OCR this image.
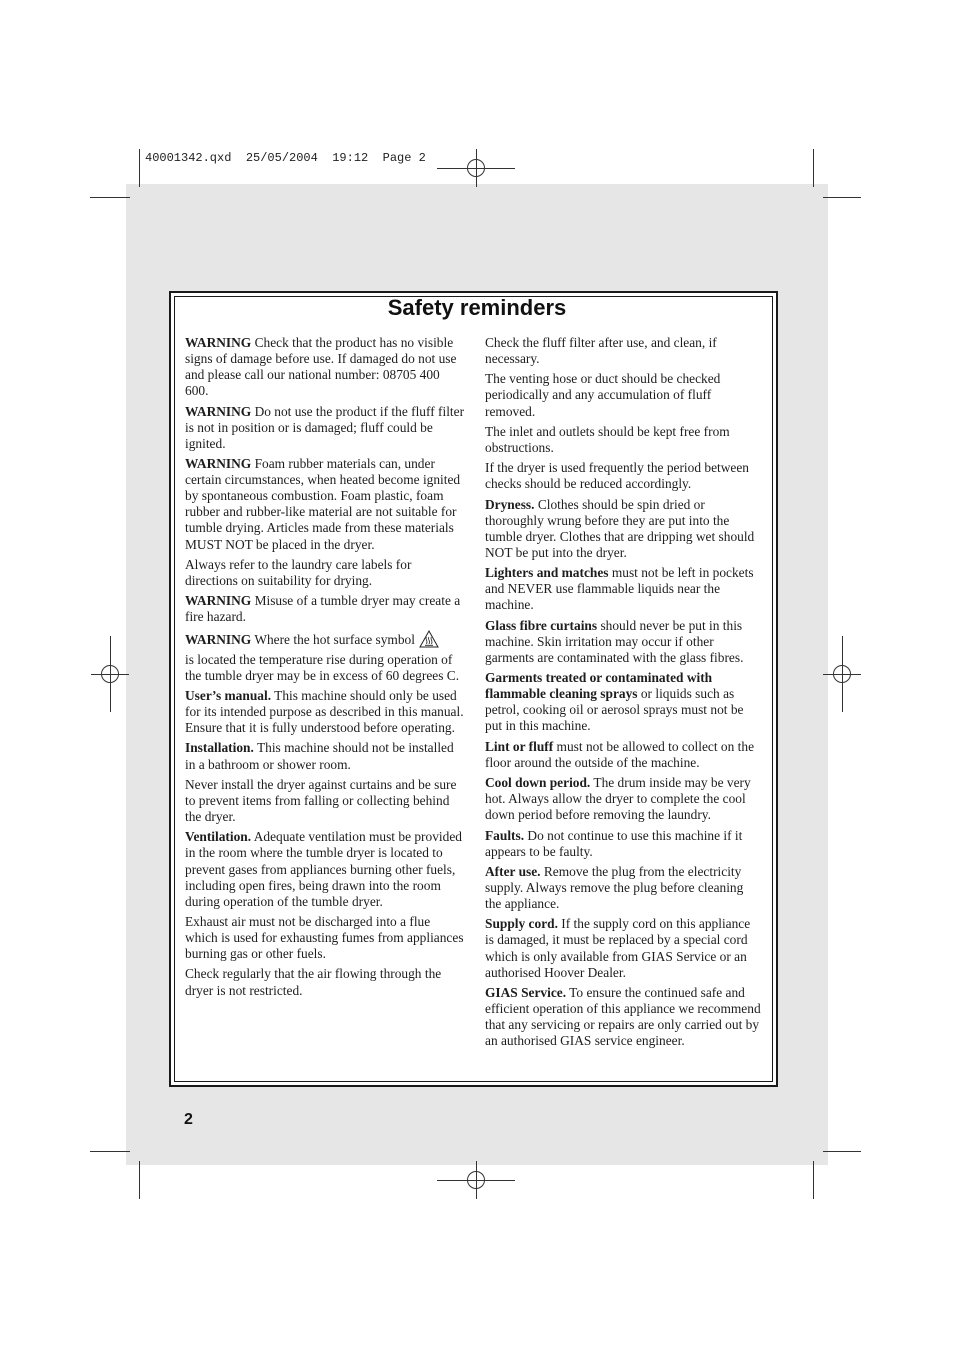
40001342.qxd  25/05/2004  19:12  Page 2
Safety reminders

WARNING Check that the product has no visible signs of damage before use. If damaged do not use and please call our national number: 08705 400 600.

WARNING Do not use the product if the fluff filter is not in position or is damaged; fluff could be ignited.

WARNING Foam rubber materials can, under certain circumstances, when heated become ignited by spontaneous combustion. Foam plastic, foam rubber and rubber-like material are not suitable for tumble drying. Articles made from these materials MUST NOT be placed in the dryer.

Always refer to the laundry care labels for directions on suitability for drying.

WARNING Misuse of a tumble dryer may create a fire hazard.

WARNING Where the hot surface symbol
is located the temperature rise during operation of the tumble dryer may be in excess of 60 degrees C.

User’s manual. This machine should only be used for its intended purpose as described in this manual. Ensure that it is fully understood before operating.

Installation. This machine should not be installed in a bathroom or shower room.

Never install the dryer against curtains and be sure to prevent items from falling or collecting behind the dryer.

Ventilation. Adequate ventilation must be provided in the room where the tumble dryer is located to prevent gases from appliances burning other fuels, including open fires, being drawn into the room during operation of the tumble dryer.

Exhaust air must not be discharged into a flue which is used for exhausting fumes from appliances burning gas or other fuels.

Check regularly that the air flowing through the dryer is not restricted.

Check the fluff filter after use, and clean, if necessary.

The venting hose or duct should be checked periodically and any accumulation of fluff removed.

The inlet and outlets should be kept free from obstructions.

If the dryer is used frequently the period between checks should be reduced accordingly.

Dryness. Clothes should be spin dried or thoroughly wrung before they are put into the tumble dryer. Clothes that are dripping wet should NOT be put into the dryer.

Lighters and matches must not be left in pockets and NEVER use flammable liquids near the machine.

Glass fibre curtains should never be put in this machine. Skin irritation may occur if other garments are contaminated with the glass fibres.

Garments treated or contaminated with flammable cleaning sprays or liquids such as petrol, cooking oil or aerosol sprays must not be put in this machine.

Lint or fluff must not be allowed to collect on the floor around the outside of the machine.

Cool down period. The drum inside may be very hot. Always allow the dryer to complete the cool down period before removing the laundry.

Faults. Do not continue to use this machine if it appears to be faulty.

After use. Remove the plug from the electricity supply. Always remove the plug before cleaning the appliance.

Supply cord. If the supply cord on this appliance is damaged, it must be replaced by a special cord which is only available from GIAS Service or an authorised Hoover Dealer.

GIAS Service. To ensure the continued safe and efficient operation of this appliance we recommend that any servicing or repairs are only carried out by an authorised GIAS service engineer.

2
